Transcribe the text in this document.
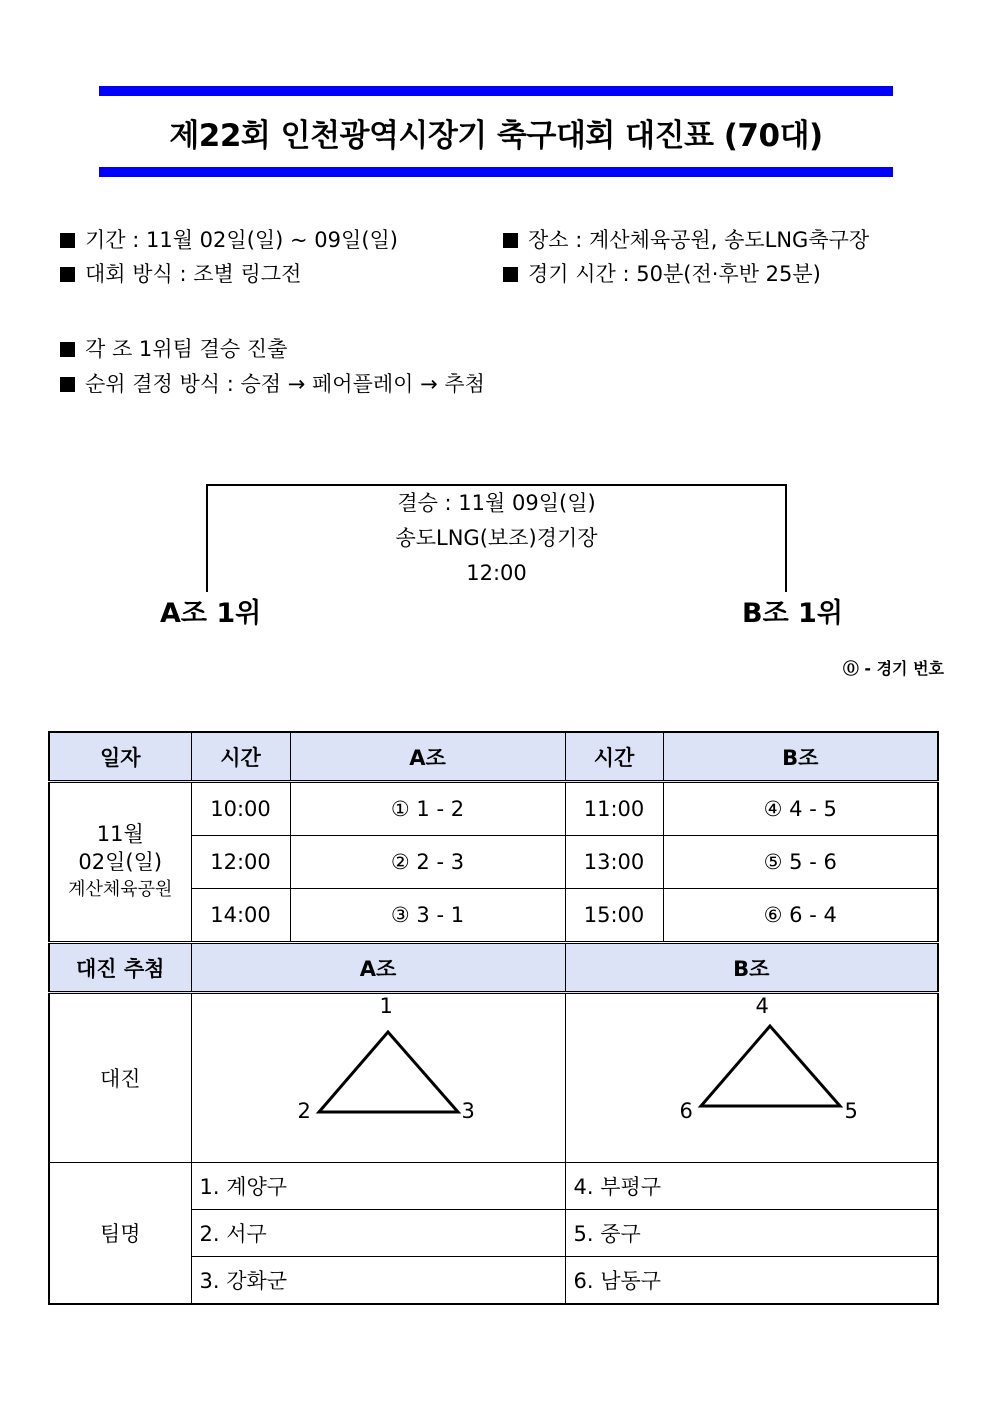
제22회 인천광역시장기 축구대회 대진표 (70대)
기간 : 11월 02일(일) ~ 09일(일)	장소 : 계산체육공원, 송도LNG축구장
대회 방식 : 조별 링그전	경기 시간 : 50분(전·후반 25분)
각 조 1위팀 결승 진출
순위 결정 방식 : 승점 → 페어플레이 → 추첨
결승 : 11월 09일(일)
송도LNG(보조)경기장
12:00
A조 1위	B조 1위
⓪ - 경기 번호
일자	시간	A조	시간	B조

11월
02일(일)
계산체육공원	10:00	① 1 - 2	11:00	④ 4 - 5
	12:00	② 2 - 3	13:00	⑤ 5 - 6
	14:00	③ 3 - 1	15:00	⑥ 6 - 4
대진 추첨	A조		B조	
대진	1
2 3		4
6 5	

팀명	1. 계양구		4. 부평구	
	2. 서구		5. 중구	
	3. 강화군		6. 남동구	
